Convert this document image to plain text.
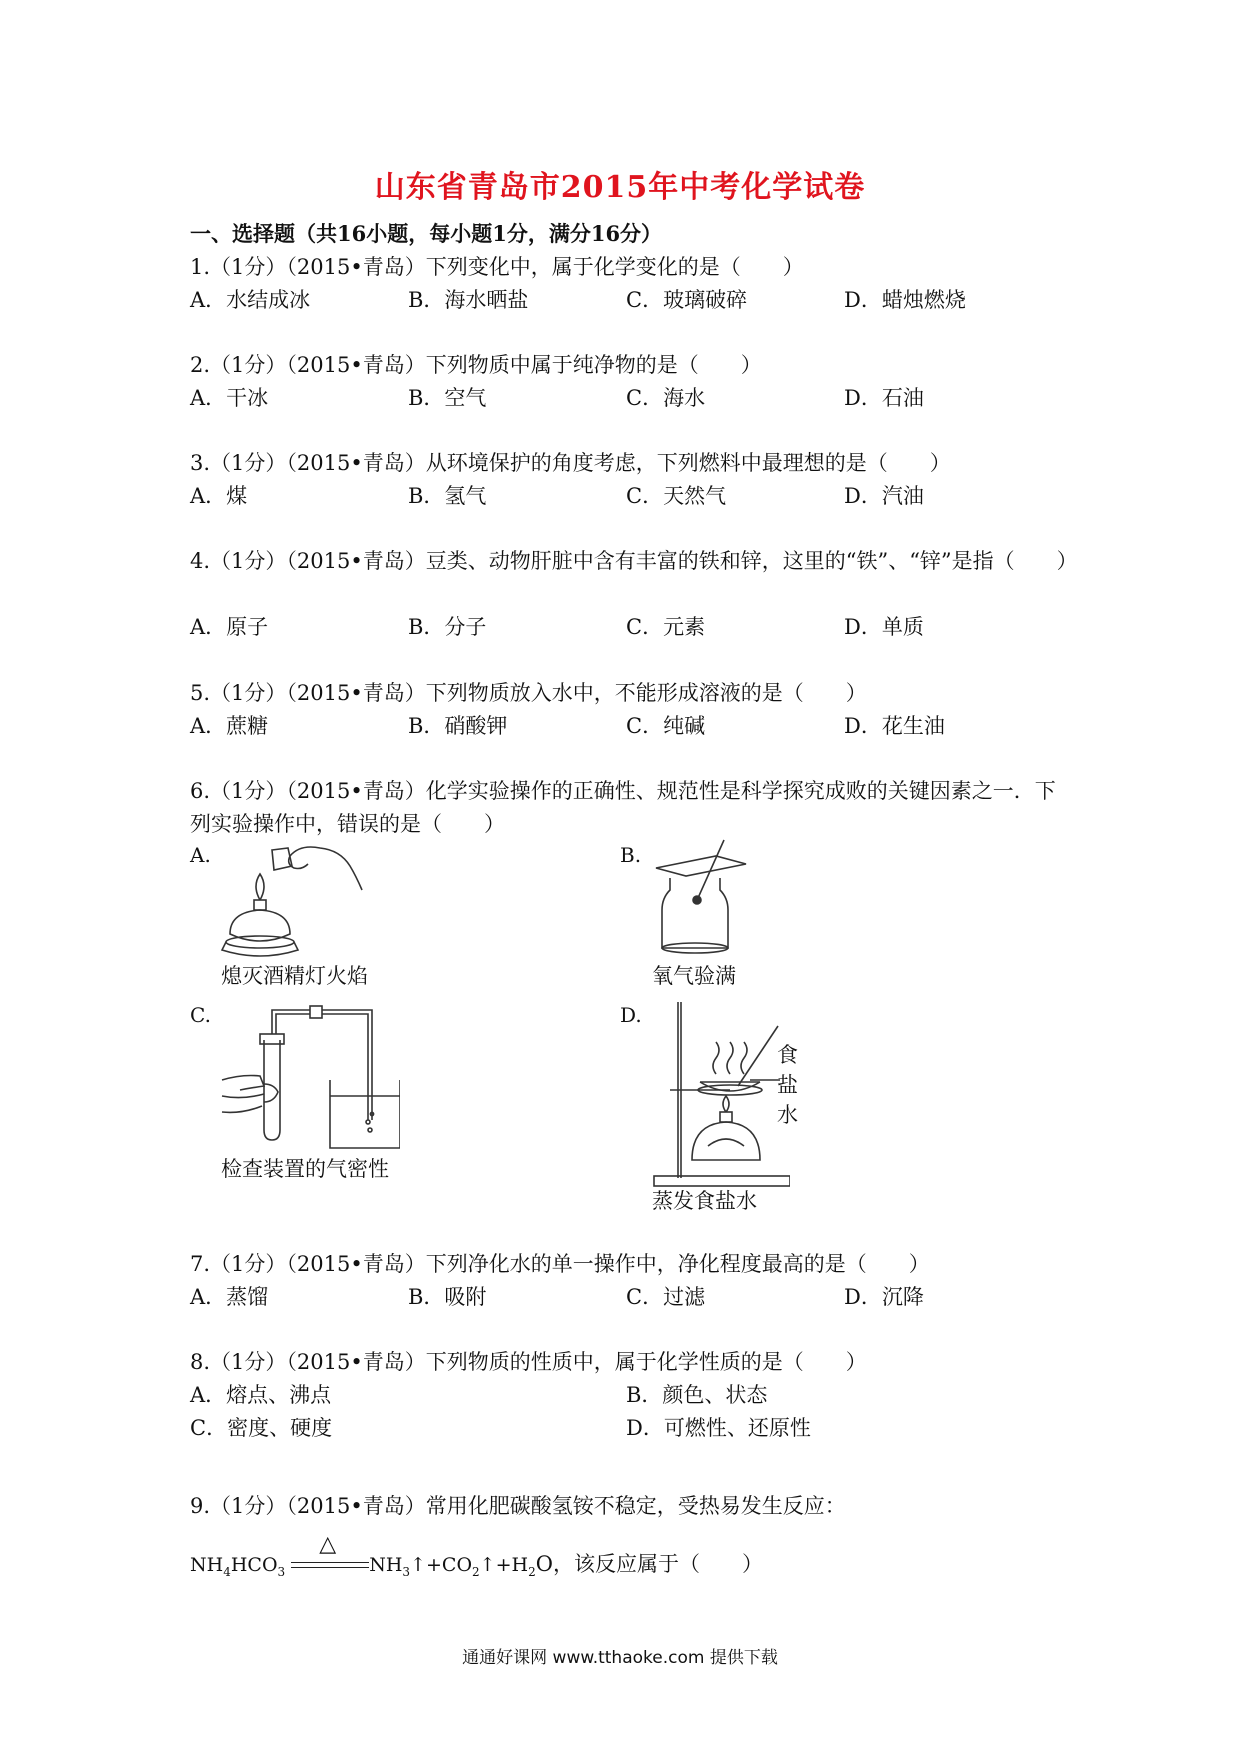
山东省青岛市2015年中考化学试卷
一、选择题（共16小题，每小题1分，满分16分）
1.（1分）（2015•青岛）下列变化中，属于化学变化的是（　　）
A．水结成冰	B．海水晒盐	C．玻璃破碎	D．蜡烛燃烧
2.（1分）（2015•青岛）下列物质中属于纯净物的是（　　）
A．干冰	B．空气	C．海水	D．石油
3.（1分）（2015•青岛）从环境保护的角度考虑，下列燃料中最理想的是（　　）
A．煤	B．氢气	C．天然气	D．汽油
4.（1分）（2015•青岛）豆类、动物肝脏中含有丰富的铁和锌，这里的“铁”、“锌”是指（　　）
A．原子	B．分子	C．元素	D．单质
5.（1分）（2015•青岛）下列物质放入水中，不能形成溶液的是（　　）
A．蔗糖	B．硝酸钾	C．纯碱	D．花生油
6.（1分）（2015•青岛）化学实验操作的正确性、规范性是科学探究成败的关键因素之一．下列实验操作中，错误的是（　　）
A.
熄灭酒精灯火焰
B.
氧气验满
C.
检查装置的气密性
D.
食
盐
水
蒸发食盐水
7.（1分）（2015•青岛）下列净化水的单一操作中，净化程度最高的是（　　）
A．蒸馏	B．吸附	C．过滤	D．沉降
8.（1分）（2015•青岛）下列物质的性质中，属于化学性质的是（　　）
A．熔点、沸点	B．颜色、状态
C．密度、硬度	D．可燃性、还原性
9.（1分）（2015•青岛）常用化肥碳酸氢铵不稳定，受热易发生反应：
$NH_4HCO_3$
△
$NH_3↑+CO_2↑+H_2O$，该反应属于（　　）
通通好课网 www.tthaoke.com 提供下载
